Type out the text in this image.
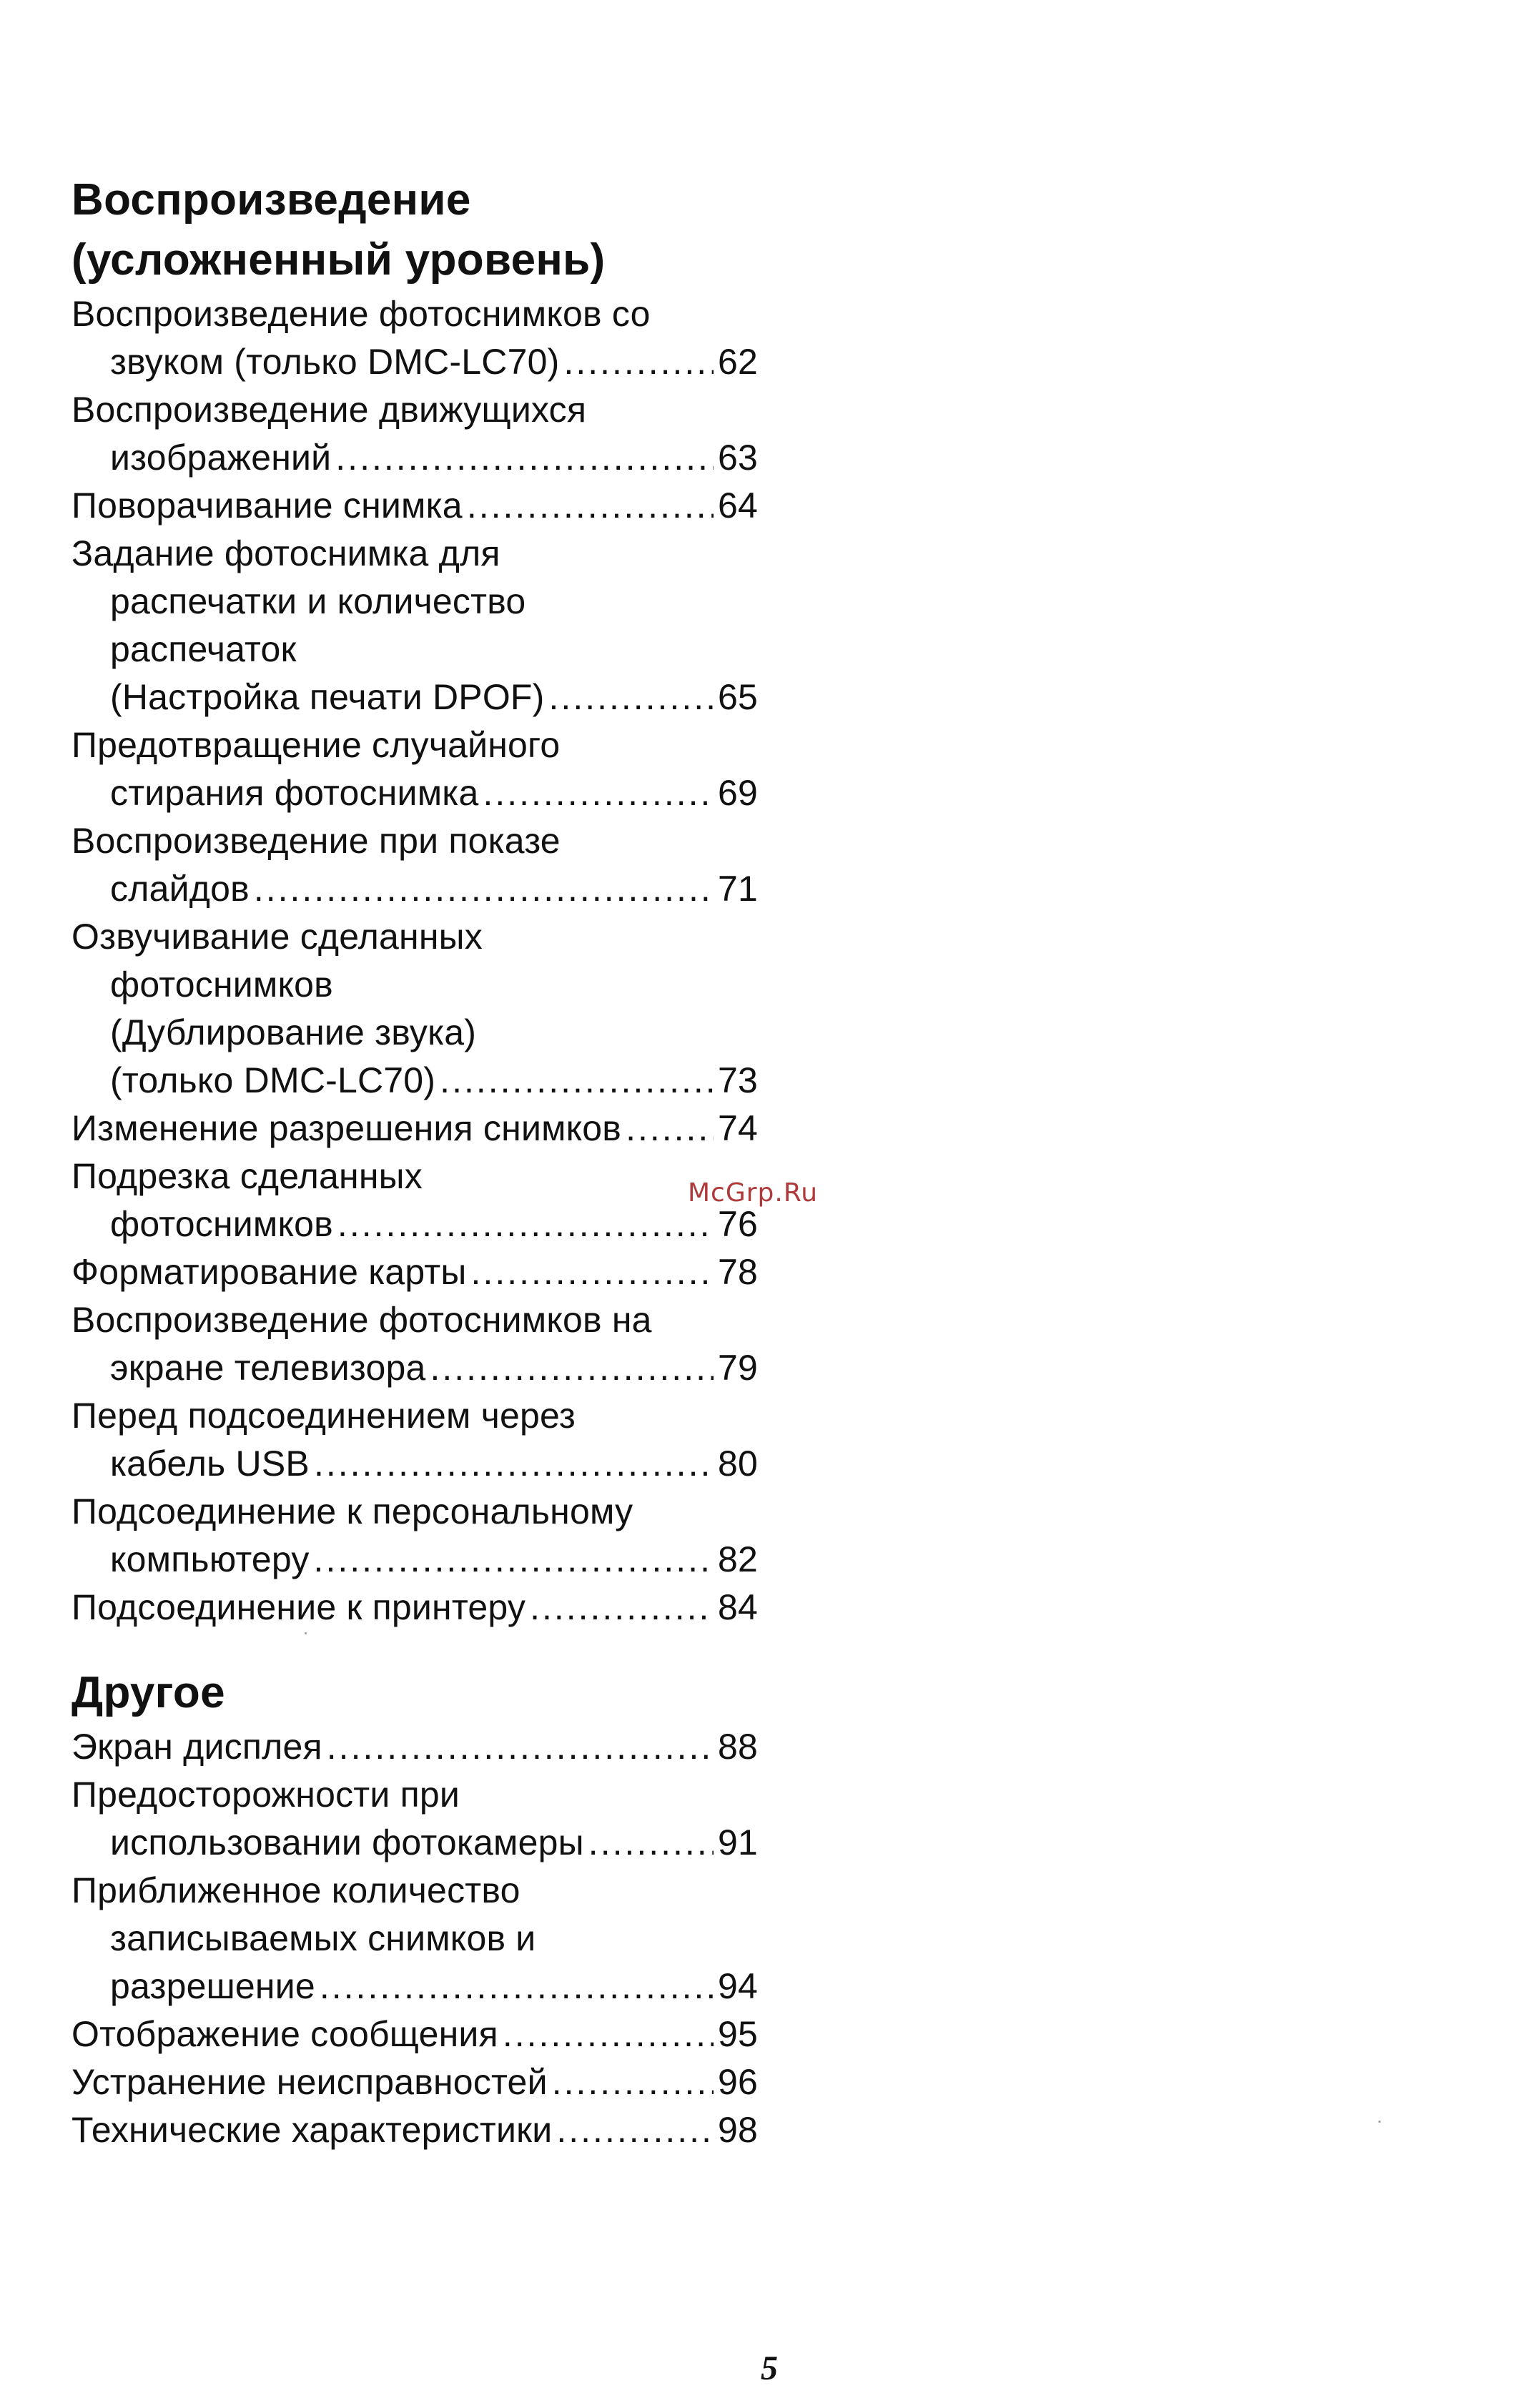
Воспроизведение
(усложненный уровень)
Воспроизведение фотоснимков со
звуком (только DMC-LC70) .....	62
Воспроизведение движущихся
изображений .....	63
Поворачивание снимка .....	64
Задание фотоснимка для
распечатки и количество
распечаток
(Настройка печати DPOF) .....	65
Предотвращение случайного
стирания фотоснимка .....	69
Воспроизведение при показе
слайдов .....	71
Озвучивание сделанных
фотоснимков
(Дублирование звука)
(только DMC-LC70) .....	73
Изменение разрешения снимков .....	74
Подрезка сделанных
фотоснимков .....	76
Форматирование карты .....	78
Воспроизведение фотоснимков на
экране телевизора .....	79
Перед подсоединением через
кабель USB .....	80
Подсоединение к персональному
компьютеру .....	82
Подсоединение к принтеру .....	84
Другое
Экран дисплея .....	88
Предосторожности при
использовании фотокамеры .....	91
Приближенное количество
записываемых снимков и
разрешение .....	94
Отображение сообщения .....	95
Устранение неисправностей .....	96
Технические характеристики .....	98
McGrp.Ru
5
